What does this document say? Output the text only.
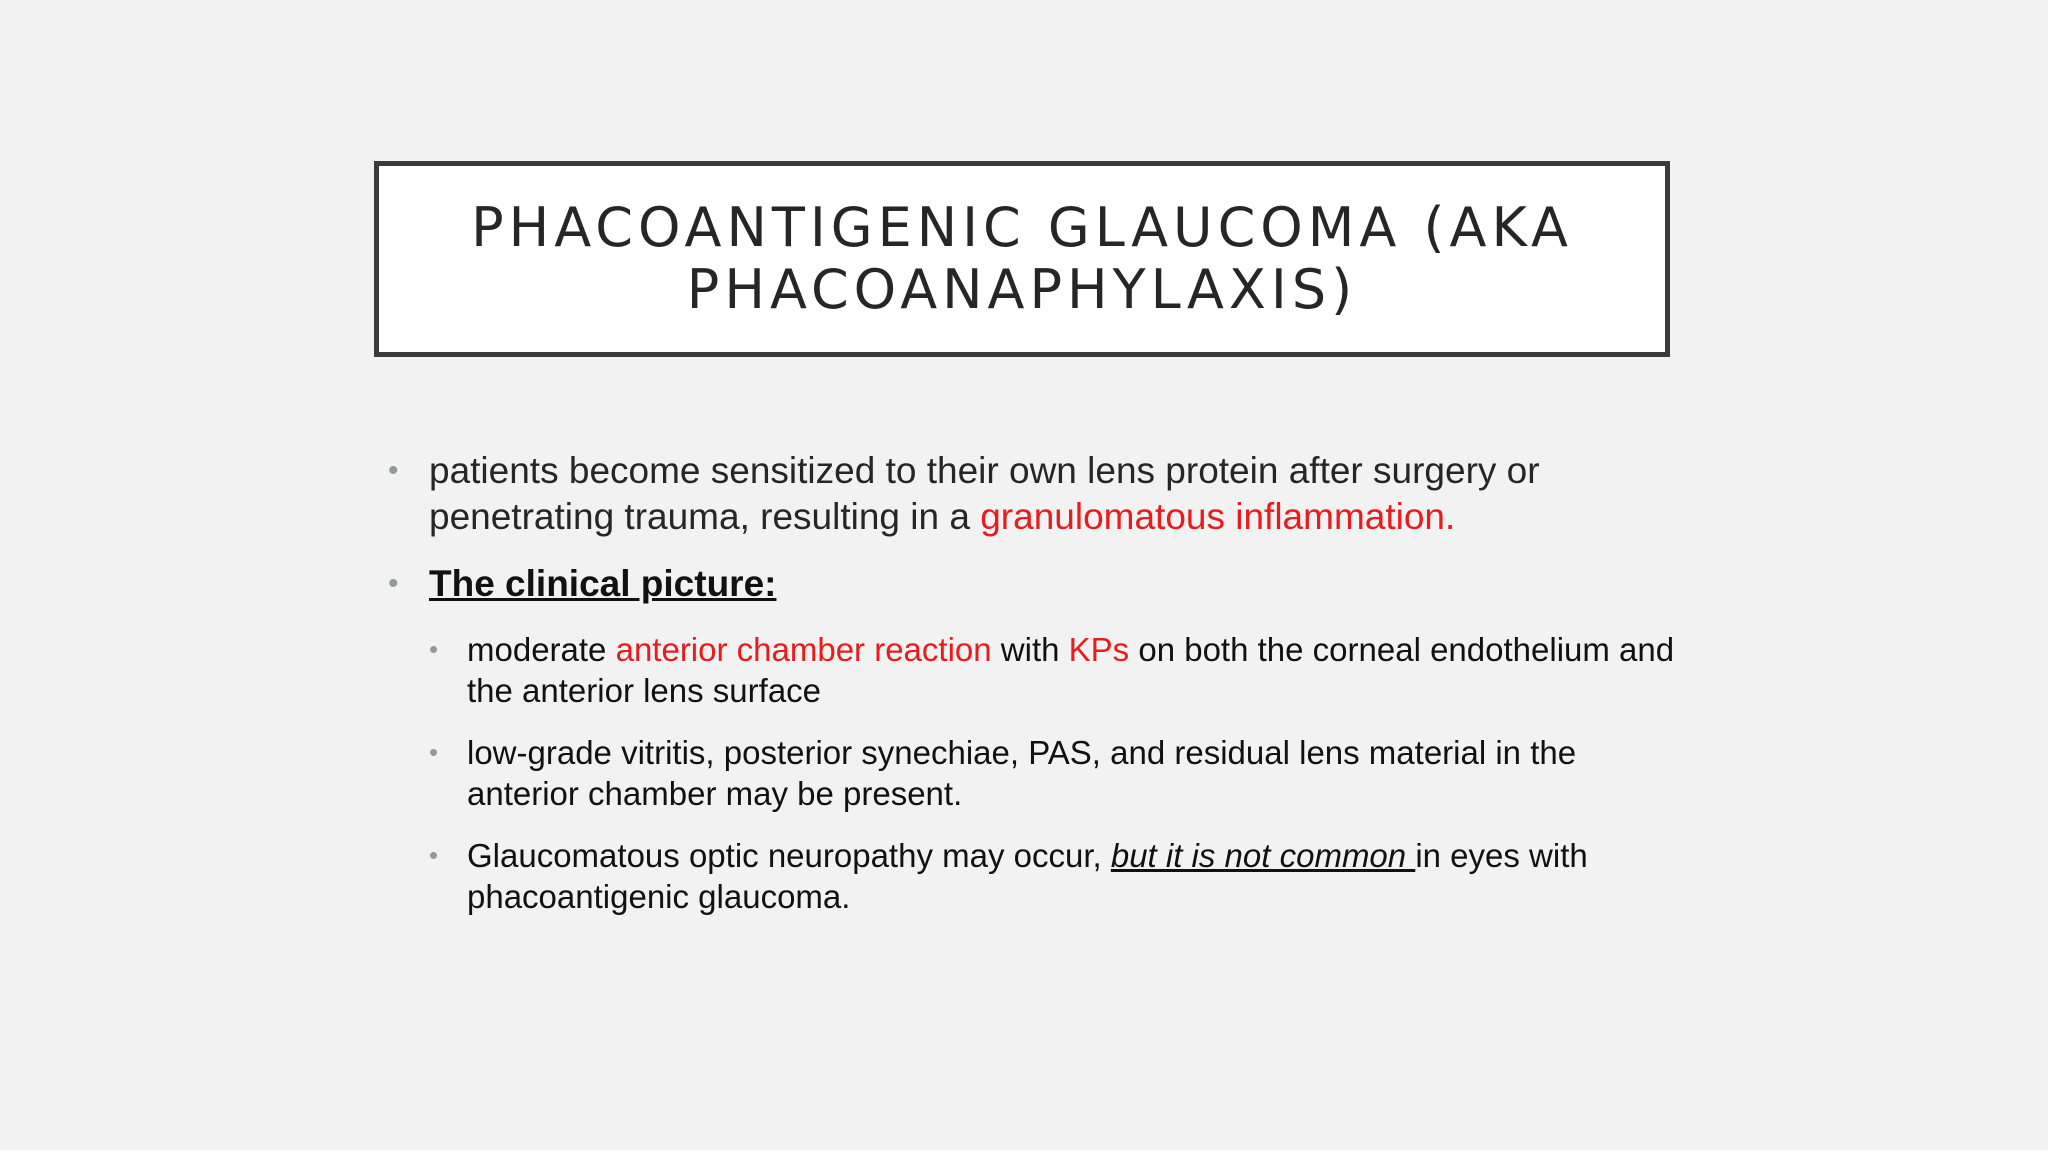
PHACOANTIGENIC GLAUCOMA (AKA PHACOANAPHYLAXIS)

• patients become sensitized to their own lens protein after surgery or penetrating trauma, resulting in a granulomatous inflammation.

• The clinical picture:

• moderate anterior chamber reaction with KPs on both the corneal endothelium and the anterior lens surface

• low-grade vitritis, posterior synechiae, PAS, and residual lens material in the anterior chamber may be present.

• Glaucomatous optic neuropathy may occur, but it is not common in eyes with phacoantigenic glaucoma.
